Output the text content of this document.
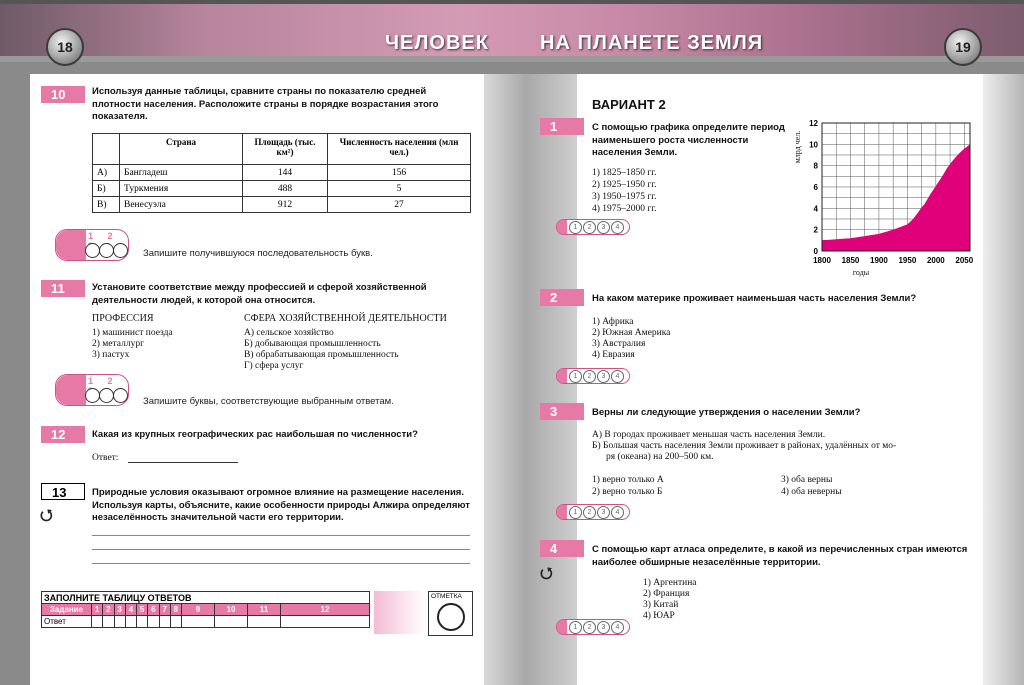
18	ЧЕЛОВЕК	НА ПЛАНЕТЕ ЗЕМЛЯ	19
10	Используя данные таблицы, сравните страны по показателю средней плотности населения. Расположите страны в порядке возрастания этого показателя.
	Страна	Площадь (тыс. км²)	Численность населения (млн чел.)
А)	Бангладеш	144	156
Б)	Туркмения	488	5
В)	Венесуэла	912	27
1 2
Запишите получившуюся последовательность букв.
11	Установите соответствие между профессией и сферой хозяйственной деятельности людей, к которой она относится.
ПРОФЕССИЯ
1) машинист поезда
2) металлург
3) пастух
СФЕРА ХОЗЯЙСТВЕННОЙ ДЕЯТЕЛЬНОСТИ
А) сельское хозяйство
Б) добывающая промышленность
В) обрабатывающая промышленность
Г) сфера услуг
1 2
Запишите буквы, соответствующие выбранным ответам.
12	Какая из крупных географических рас наибольшая по численности?
Ответ:
13
⭯
Природные условия оказывают огромное влияние на размещение населения. Используя карты, объясните, какие особенности природы Алжира определяют незаселённость значительной части его территории.
ЗАПОЛНИТЕ ТАБЛИЦУ ОТВЕТОВ												
Задание	1	2	3	4	5	6	7	8	9	10	11	12
Ответ												
ОТМЕТКА
ВАРИАНТ 2
1	С помощью графика определите период наименьшего роста численности населения Земли.
1) 1825–1850 гг.
2) 1925–1950 гг.
3) 1950–1975 гг.
4) 1975–2000 гг.
1	2	3	4
0
2
4
6
8
10
12
1800 1850 1900 1950 2000 2050
млрд чел.
годы
2	На каком материке проживает наименьшая часть населения Земли?
1) Африка
2) Южная Америка
3) Австралия
4) Евразия
1	2	3	4
3	Верны ли следующие утверждения о населении Земли?
А) В городах проживает меньшая часть населения Земли.
Б) Большая часть населения Земли проживает в районах, удалённых от мо-
ря (океана) на 200–500 км.
1) верно только А
2) верно только Б
3) оба верны
4) оба неверны
1	2	3	4
4
⭯
С помощью карт атласа определите, в какой из перечисленных стран имеются наиболее обширные незаселённые территории.
1) Аргентина
2) Франция
3) Китай
4) ЮАР
1	2	3	4
